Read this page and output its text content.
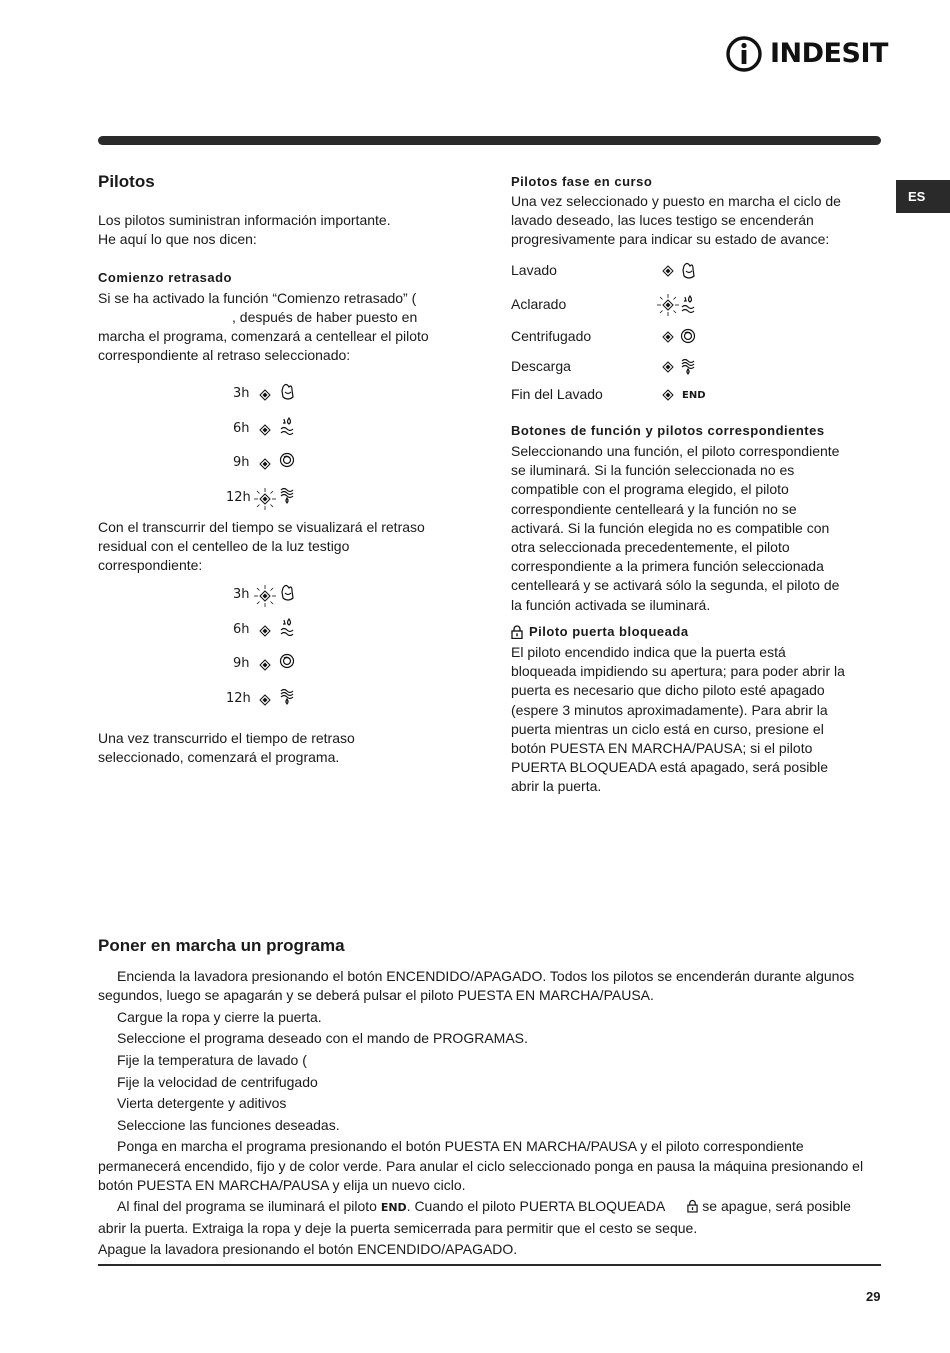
INDESIT
ES
Pilotos

Los pilotos suministran información importante.

He aquí lo que nos dicen:

Comienzo retrasado

Si se ha activado la función “Comienzo retrasado” (

, después de haber puesto en

marcha el programa, comenzará a centellear el piloto

correspondiente al retraso seleccionado:

3h
6h
9h
12h

Con el transcurrir del tiempo se visualizará el retraso

residual con el centelleo de la luz testigo

correspondiente:

3h
6h
9h
12h

Una vez transcurrido el tiempo de retraso

seleccionado, comenzará el programa.

Pilotos fase en curso

Una vez seleccionado y puesto en marcha el ciclo de

lavado deseado, las luces testigo se encenderán

progresivamente para indicar su estado de avance:

Lavado
Aclarado
Centrifugado
Descarga
Fin del Lavado	END

Botones de función y pilotos correspondientes

Seleccionando una función, el piloto correspondiente

se iluminará. Si la función seleccionada no es

compatible con el programa elegido, el piloto

correspondiente centelleará y la función no se

activará. Si la función elegida no es compatible con

otra seleccionada precedentemente, el piloto

correspondiente a la primera función seleccionada

centelleará y se activará sólo la segunda, el piloto de

la función activada se iluminará.

Piloto puerta bloqueada

El piloto encendido indica que la puerta está

bloqueada impidiendo su apertura; para poder abrir la

puerta es necesario que dicho piloto esté apagado

(espere 3 minutos aproximadamente). Para abrir la

puerta mientras un ciclo está en curso, presione el

botón PUESTA EN MARCHA/PAUSA; si el piloto

PUERTA BLOQUEADA está apagado, será posible

abrir la puerta.

Poner en marcha un programa

Encienda la lavadora presionando el botón ENCENDIDO/APAGADO. Todos los pilotos se encenderán durante algunos segundos, luego se apagarán y se deberá pulsar el piloto PUESTA EN MARCHA/PAUSA.

Cargue la ropa y cierre la puerta.

Seleccione el programa deseado con el mando de PROGRAMAS.

Fije la temperatura de lavado (

Fije la velocidad de centrifugado

Vierta detergente y aditivos

Seleccione las funciones deseadas.

Ponga en marcha el programa presionando el botón PUESTA EN MARCHA/PAUSA y el piloto correspondiente permanecerá encendido, fijo y de color verde. Para anular el ciclo seleccionado ponga en pausa la máquina presionando el botón PUESTA EN MARCHA/PAUSA y elija un nuevo ciclo.

Al final del programa se iluminará el piloto END. Cuando el piloto PUERTA BLOQUEADA  se apague, será posible abrir la puerta. Extraiga la ropa y deje la puerta semicerrada para permitir que el cesto se seque.

Apague la lavadora presionando el botón ENCENDIDO/APAGADO.

29
